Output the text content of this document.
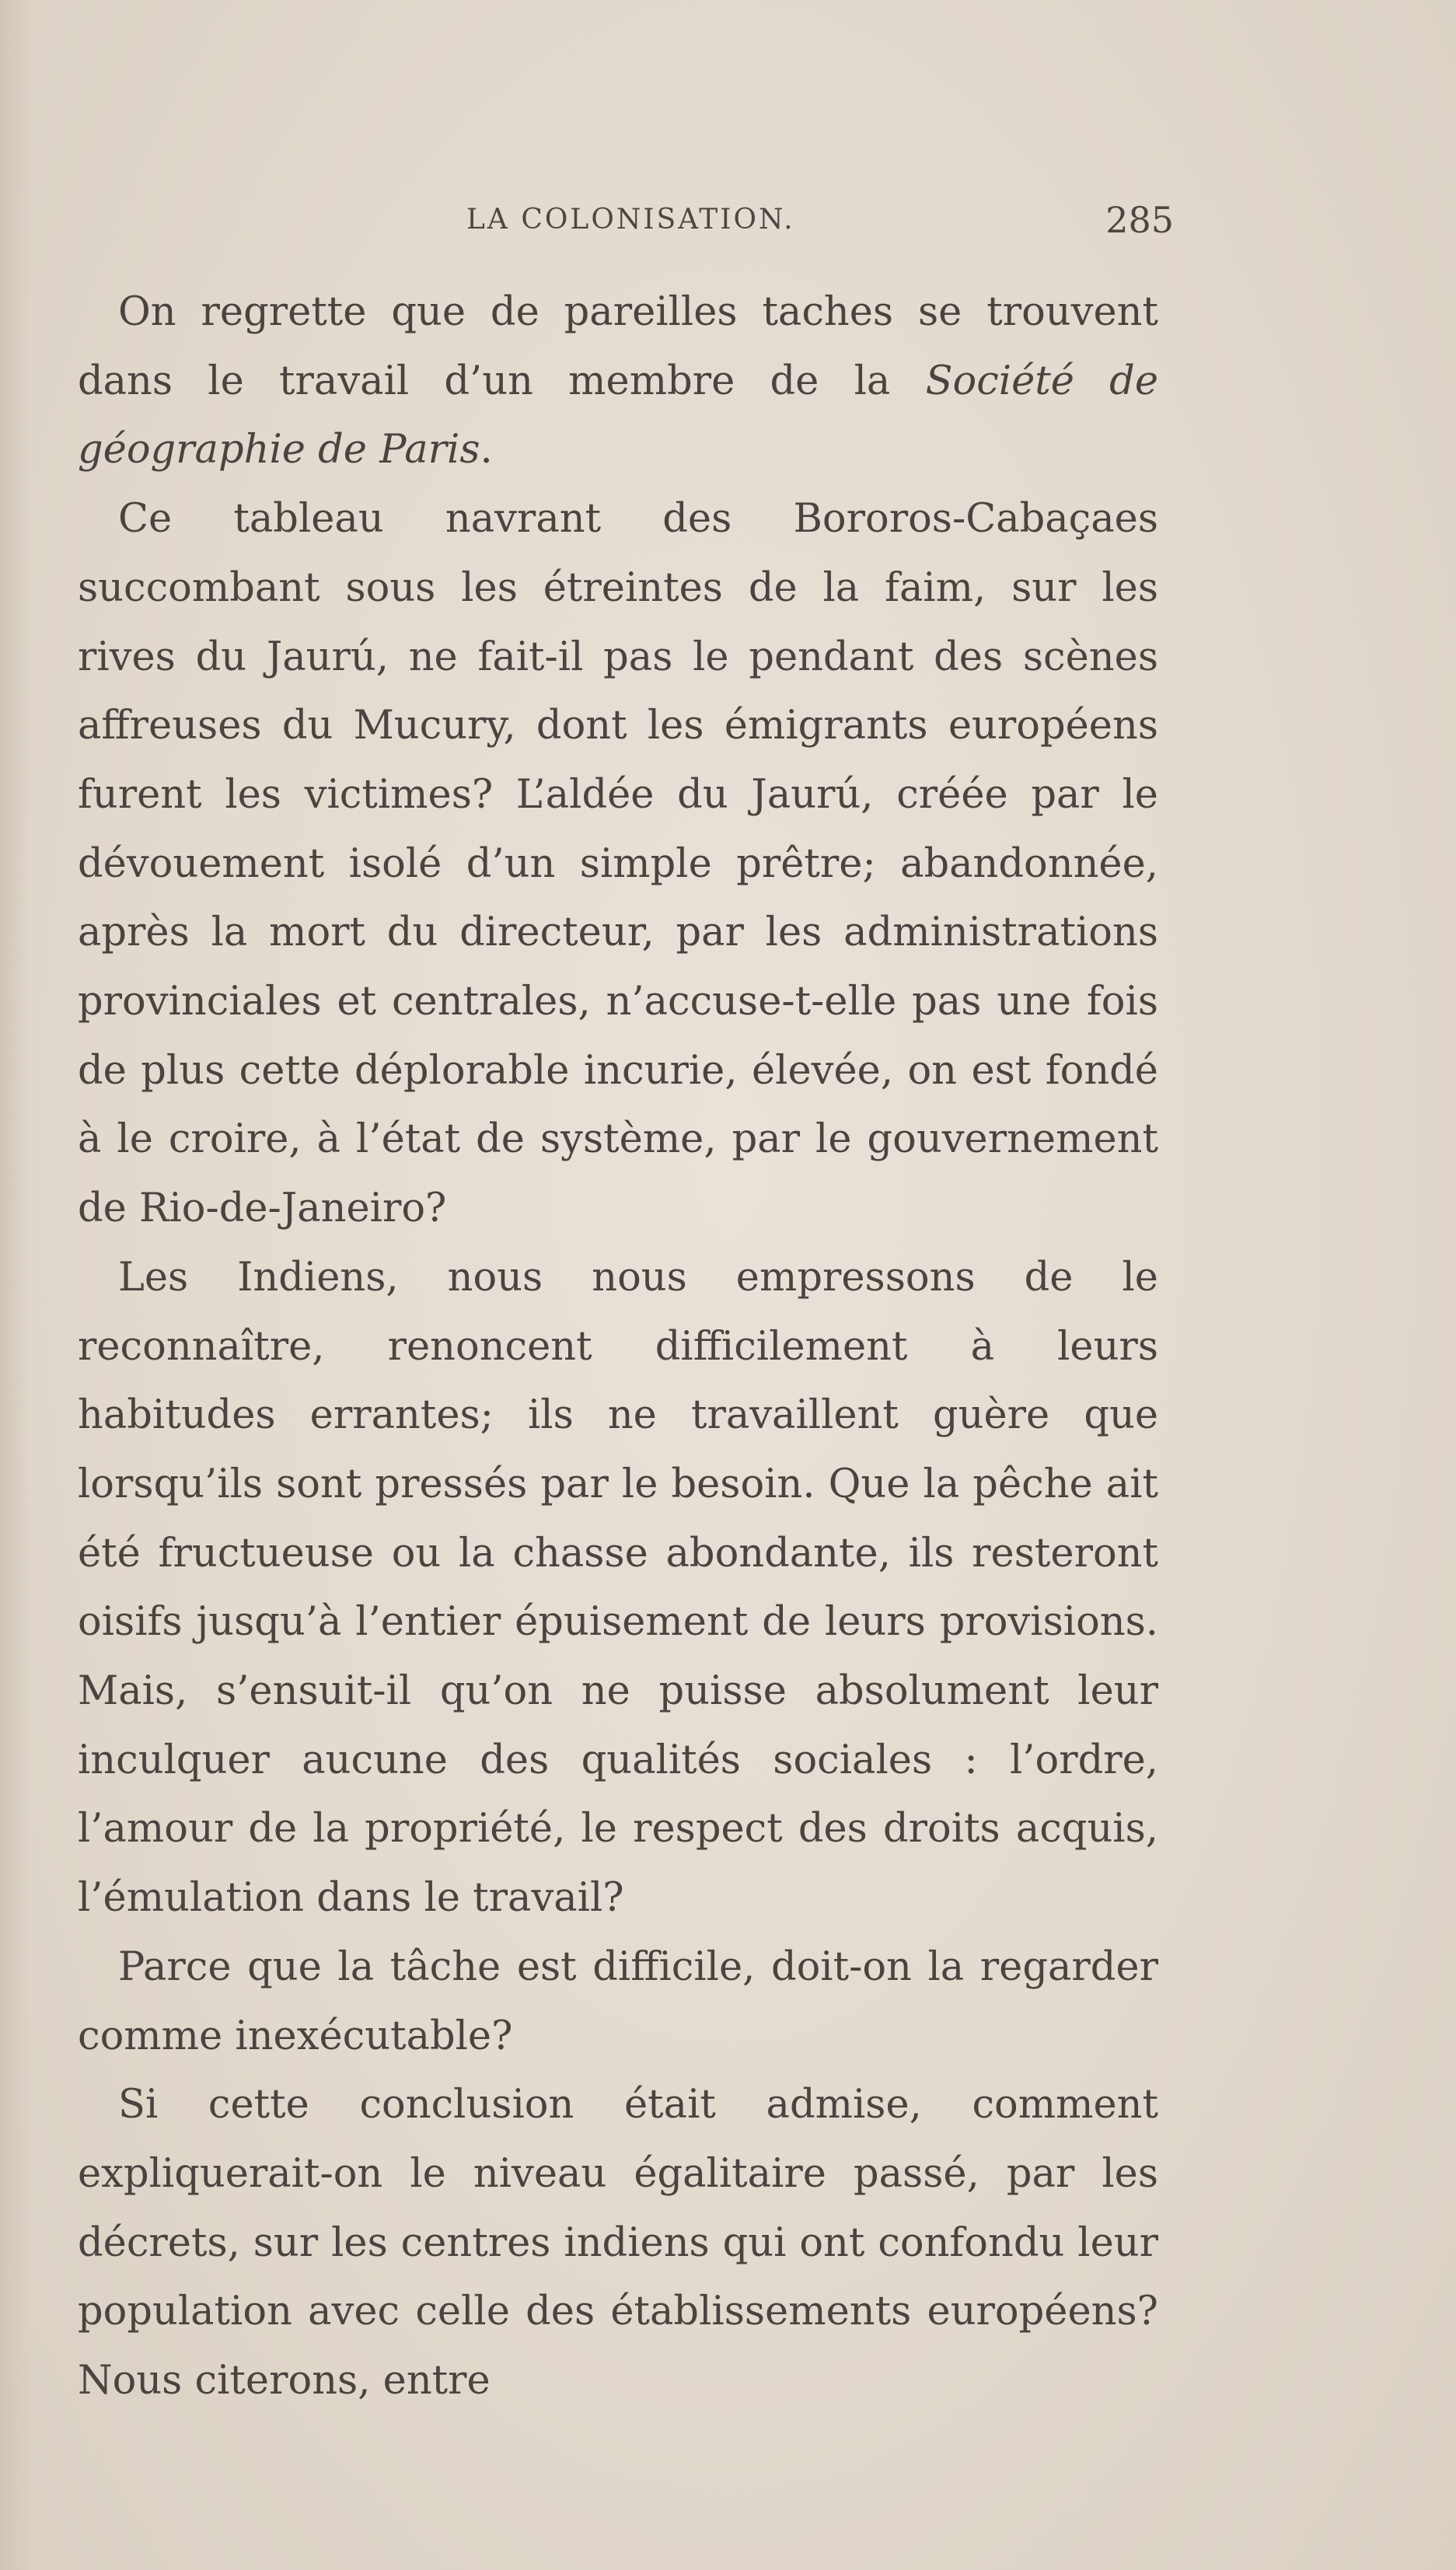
LA COLONISATION.	285

On regrette que de pareilles taches se trouvent dans le travail d’un membre de la Société de géographie de Paris.

Ce tableau navrant des Bororos-Cabaçaes succombant sous les étreintes de la faim, sur les rives du Jaurú, ne fait-il pas le pendant des scènes affreuses du Mucury, dont les émigrants européens furent les victimes? L’aldée du Jaurú, créée par le dévouement isolé d’un simple prêtre; abandonnée, après la mort du directeur, par les administrations provinciales et centrales, n’accuse-t-elle pas une fois de plus cette déplorable incurie, élevée, on est fondé à le croire, à l’état de système, par le gouvernement de Rio-de-Janeiro?

Les Indiens, nous nous empressons de le reconnaître, renoncent difficilement à leurs habitudes errantes; ils ne travaillent guère que lorsqu’ils sont pressés par le besoin. Que la pêche ait été fructueuse ou la chasse abondante, ils resteront oisifs jusqu’à l’entier épuisement de leurs provisions. Mais, s’ensuit-il qu’on ne puisse absolument leur inculquer aucune des qualités sociales : l’ordre, l’amour de la propriété, le respect des droits acquis, l’émulation dans le travail?

Parce que la tâche est difficile, doit-on la regarder comme inexécutable?

Si cette conclusion était admise, comment expliquerait-on le niveau égalitaire passé, par les décrets, sur les centres indiens qui ont confondu leur population avec celle des établissements européens? Nous citerons, entre
